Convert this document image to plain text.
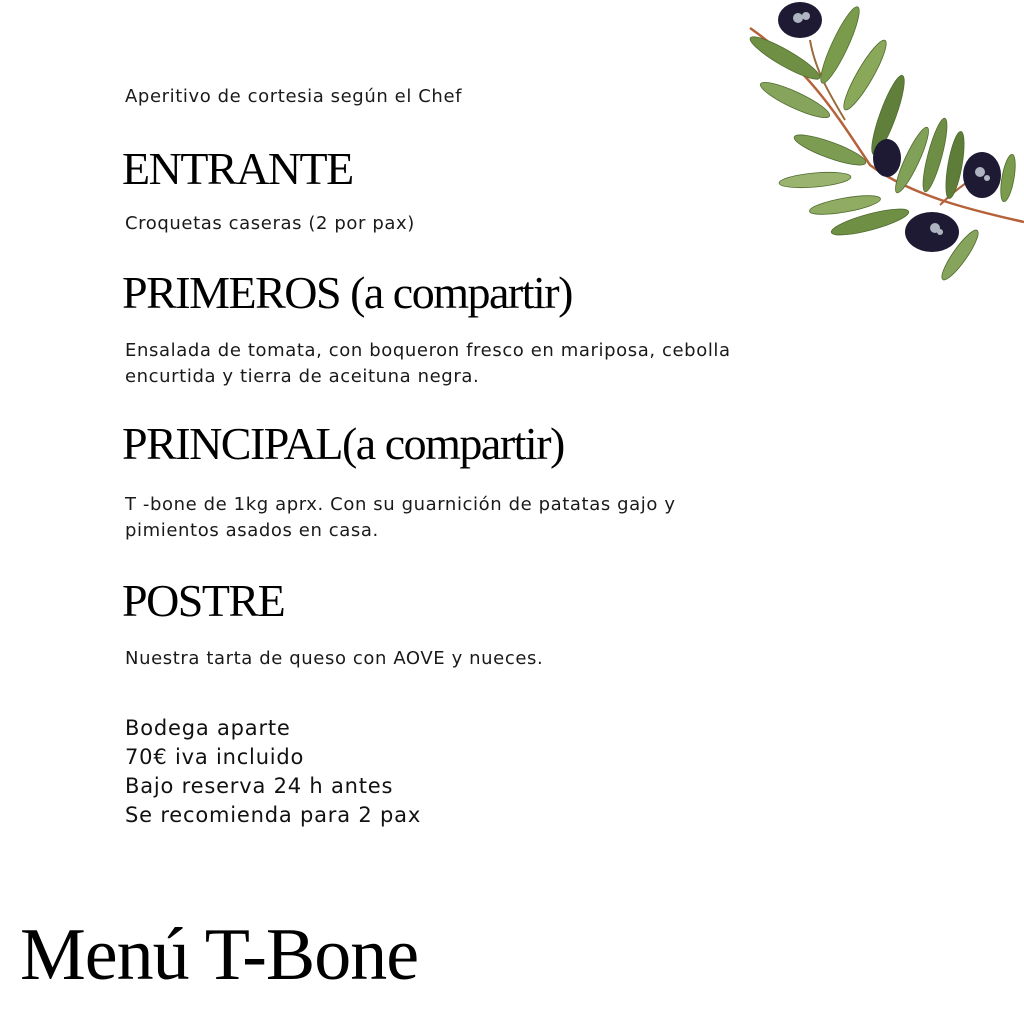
Aperitivo de cortesia según el Chef

ENTRANTE

Croquetas caseras (2 por pax)

PRIMEROS (a compartir)

Ensalada de tomata, con boqueron fresco en mariposa, cebolla encurtida y tierra de aceituna negra.

PRINCIPAL(a compartir)

T -bone de 1kg aprx. Con su guarnición de patatas gajo y pimientos asados en casa.

POSTRE

Nuestra tarta de queso con AOVE y nueces.

Bodega aparte
70€ iva incluido
Bajo reserva 24 h antes
Se recomienda para 2 pax
Menú T-Bone
